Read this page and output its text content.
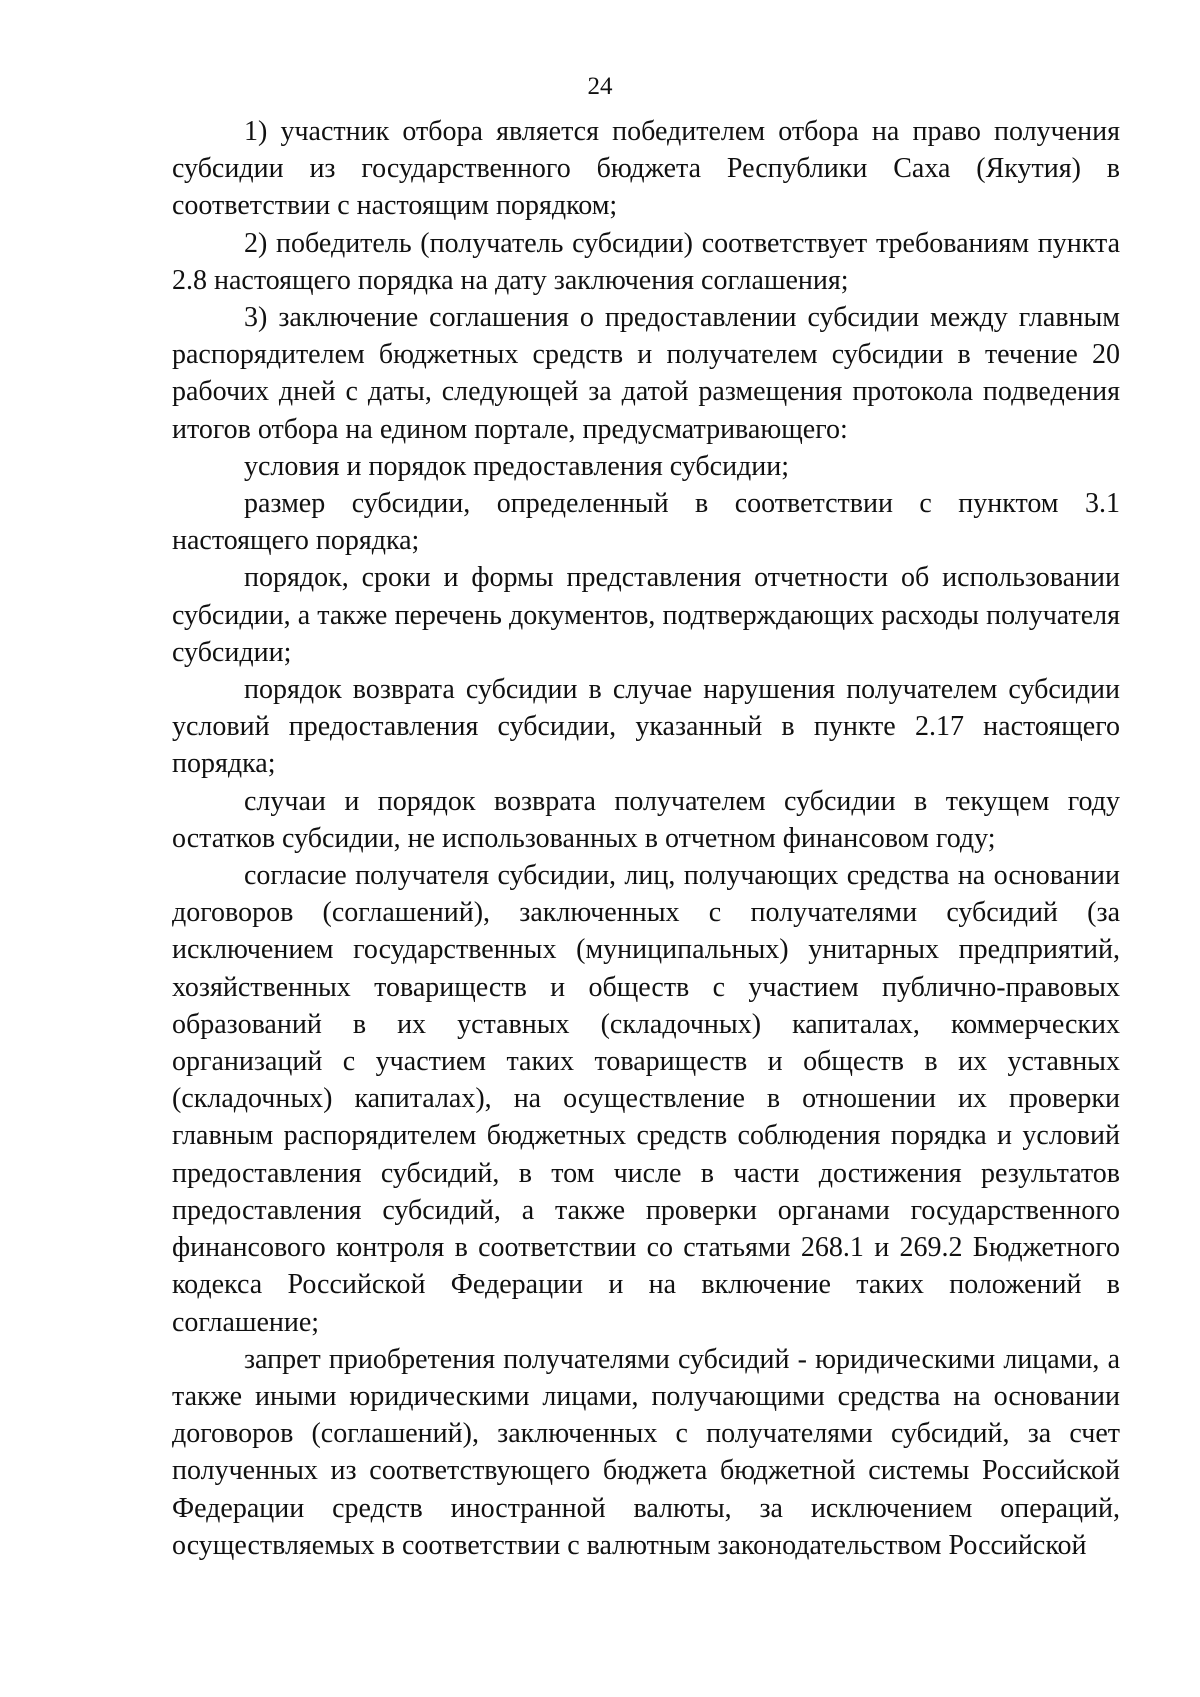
24

1) участник отбора является победителем отбора на право получения субсидии из государственного бюджета Республики Саха (Якутия) в соответствии с настоящим порядком;

2) победитель (получатель субсидии) соответствует требованиям пункта 2.8 настоящего порядка на дату заключения соглашения;

3) заключение соглашения о предоставлении субсидии между главным распорядителем бюджетных средств и получателем субсидии в течение 20 рабочих дней с даты, следующей за датой размещения протокола подведения итогов отбора на едином портале, предусматривающего:

условия и порядок предоставления субсидии;

размер субсидии, определенный в соответствии с пунктом 3.1 настоящего порядка;

порядок, сроки и формы представления отчетности об использовании субсидии, а также перечень документов, подтверждающих расходы получателя субсидии;

порядок возврата субсидии в случае нарушения получателем субсидии условий предоставления субсидии, указанный в пункте 2.17 настоящего порядка;

случаи и порядок возврата получателем субсидии в текущем году остатков субсидии, не использованных в отчетном финансовом году;

согласие получателя субсидии, лиц, получающих средства на основании договоров (соглашений), заключенных с получателями субсидий (за исключением государственных (муниципальных) унитарных предприятий, хозяйственных товариществ и обществ с участием публично-правовых образований в их уставных (складочных) капиталах, коммерческих организаций с участием таких товариществ и обществ в их уставных (складочных) капиталах), на осуществление в отношении их проверки главным распорядителем бюджетных средств соблюдения порядка и условий предоставления субсидий, в том числе в части достижения результатов предоставления субсидий, а также проверки органами государственного финансового контроля в соответствии со статьями 268.1 и 269.2 Бюджетного кодекса Российской Федерации и на включение таких положений в соглашение;

запрет приобретения получателями субсидий - юридическими лицами, а также иными юридическими лицами, получающими средства на основании договоров (соглашений), заключенных с получателями субсидий, за счет полученных из соответствующего бюджета бюджетной системы Российской Федерации средств иностранной валюты, за исключением операций, осуществляемых в соответствии с валютным законодательством Российской
